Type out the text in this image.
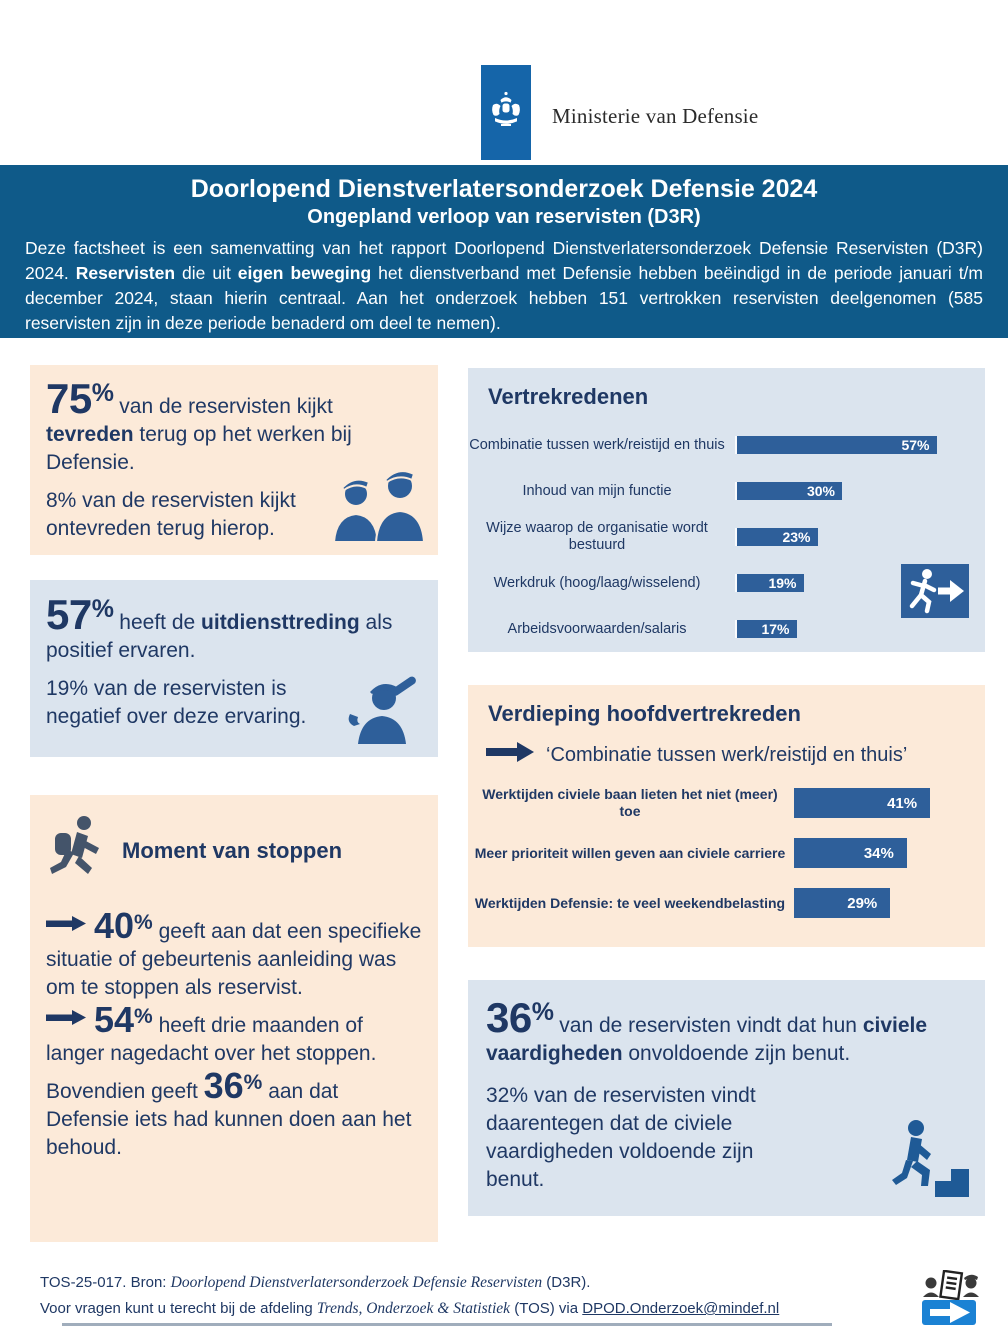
Ministerie van Defensie
Doorlopend Dienstverlatersonderzoek Defensie 2024
Ongepland verloop van reservisten (D3R)

Deze factsheet is een samenvatting van het rapport Doorlopend Dienstverlatersonderzoek Defensie Reservisten (D3R) 2024. Reservisten die uit eigen beweging het dienstverband met Defensie hebben beëindigd in de periode januari t/m december 2024, staan hierin centraal. Aan het onderzoek hebben 151 vertrokken reservisten deelgenomen (585 reservisten zijn in deze periode benaderd om deel te nemen).

75% van de reservisten kijkt tevreden terug op het werken bij Defensie.

8% van de reservisten kijkt ontevreden terug hierop.

57% heeft de uitdiensttreding als positief ervaren.

19% van de reservisten is negatief over deze ervaring.

Moment van stoppen

40% geeft aan dat een specifieke situatie of gebeurtenis aanleiding was om te stoppen als reservist.

54% heeft drie maanden of langer nagedacht over het stoppen.

Bovendien geeft 36% aan dat Defensie iets had kunnen doen aan het behoud.

Vertrekredenen
Combinatie tussen werk/reistijd en thuis	57%
Inhoud van mijn functie	30%
Wijze waarop de organisatie wordt bestuurd	23%
Werkdruk (hoog/laag/wisselend)	19%
Arbeidsvoorwaarden/salaris	17%
Verdieping hoofdvertrekreden
‘Combinatie tussen werk/reistijd en thuis’
Werktijden civiele baan lieten het niet (meer) toe	41%
Meer prioriteit willen geven aan civiele carriere	34%
Werktijden Defensie: te veel weekendbelasting	29%

36% van de reservisten vindt dat hun civiele vaardigheden onvoldoende zijn benut.

32% van de reservisten vindt daarentegen dat de civiele vaardigheden voldoende zijn benut.

TOS-25-017. Bron: Doorlopend Dienstverlatersonderzoek Defensie Reservisten (D3R).
Voor vragen kunt u terecht bij de afdeling Trends, Onderzoek & Statistiek (TOS) via DPOD.Onderzoek@mindef.nl
